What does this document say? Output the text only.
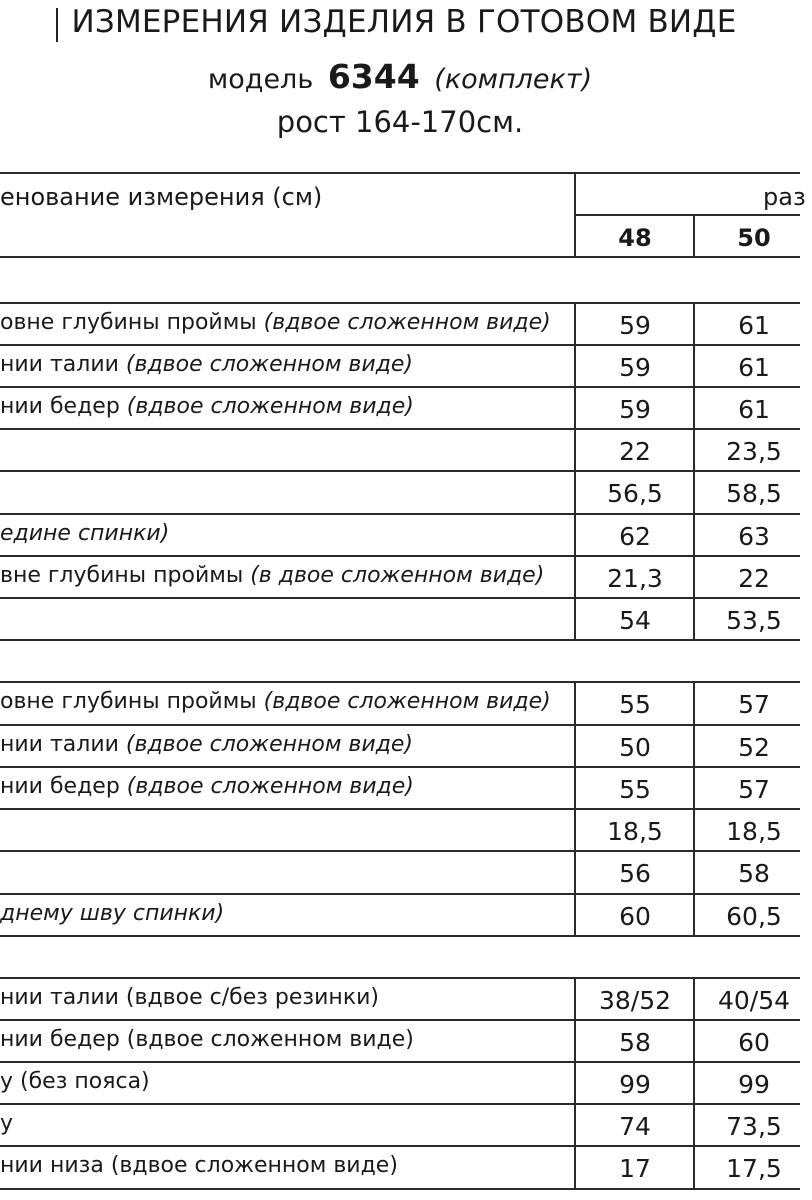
ИЗМЕРЕНИЯ ИЗДЕЛИЯ В ГОТОВОМ ВИДЕ
модель 6344 (комплект)
рост 164-170см.
енование измерения (см)	раз
48	50
овне глубины проймы (вдвое сложенном виде)	59	61
нии талии (вдвое сложенном виде)	59	61
нии бедер (вдвое сложенном виде)	59	61
22	23,5
56,5	58,5
едине спинки)	62	63
вне глубины проймы (в двое сложенном виде)	21,3	22
54	53,5
овне глубины проймы (вдвое сложенном виде)	55	57
нии талии (вдвое сложенном виде)	50	52
нии бедер (вдвое сложенном виде)	55	57
18,5	18,5
56	58
днему шву спинки)	60	60,5
нии талии (вдвое с/без резинки)	38/52	40/54
нии бедер (вдвое сложенном виде)	58	60
у (без пояса)	99	99
у	74	73,5
нии низа (вдвое сложенном виде)	17	17,5
